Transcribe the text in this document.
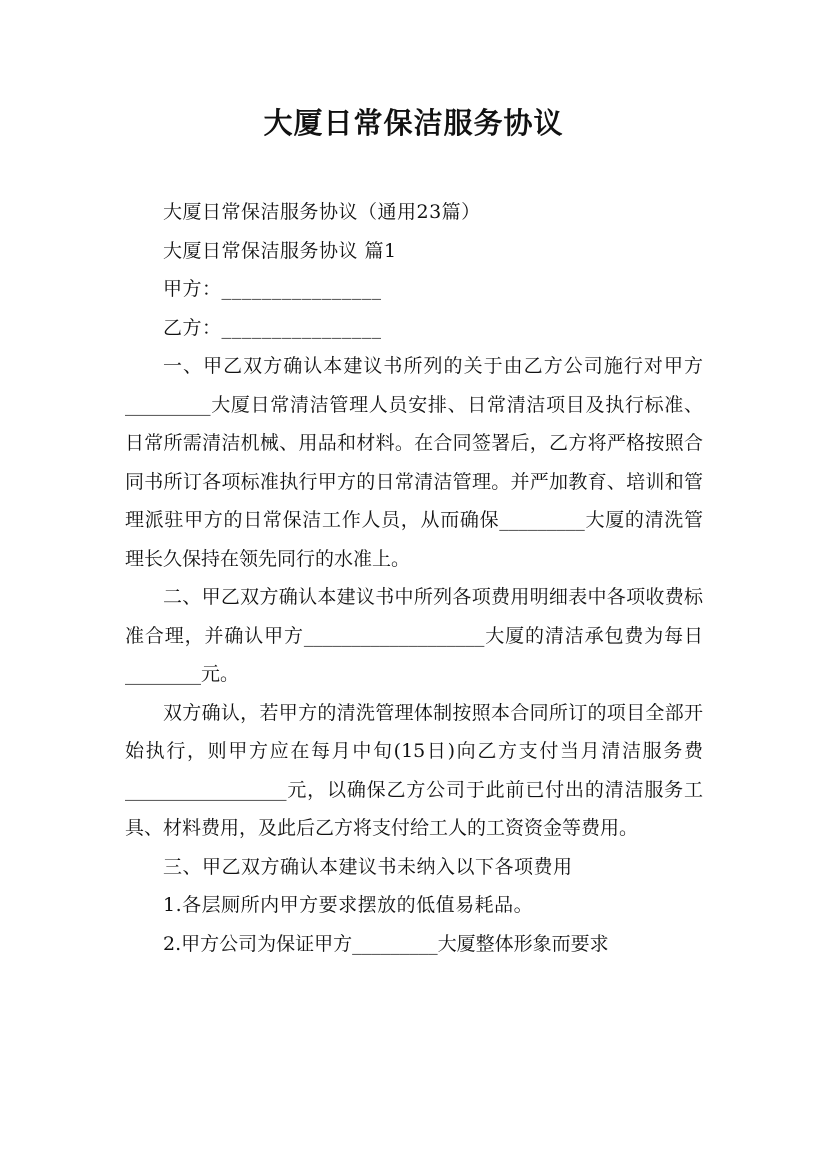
大厦日常保洁服务协议

大厦日常保洁服务协议（通用23篇）

大厦日常保洁服务协议 篇1

甲方：________________

乙方：________________

一、甲乙双方确认本建议书所列的关于由乙方公司施行对甲方_________大厦日常清洁管理人员安排、日常清洁项目及执行标准、日常所需清洁机械、用品和材料。在合同签署后，乙方将严格按照合同书所订各项标准执行甲方的日常清洁管理。并严加教育、培训和管理派驻甲方的日常保洁工作人员，从而确保_________大厦的清洗管理长久保持在领先同行的水准上。

二、甲乙双方确认本建议书中所列各项费用明细表中各项收费标准合理，并确认甲方___________________大厦的清洁承包费为每日________元。

双方确认，若甲方的清洗管理体制按照本合同所订的项目全部开始执行，则甲方应在每月中旬(15日)向乙方支付当月清洁服务费_________________元，以确保乙方公司于此前已付出的清洁服务工具、材料费用，及此后乙方将支付给工人的工资资金等费用。

三、甲乙双方确认本建议书未纳入以下各项费用

1.各层厕所内甲方要求摆放的低值易耗品。

2.甲方公司为保证甲方_________大厦整体形象而要求
